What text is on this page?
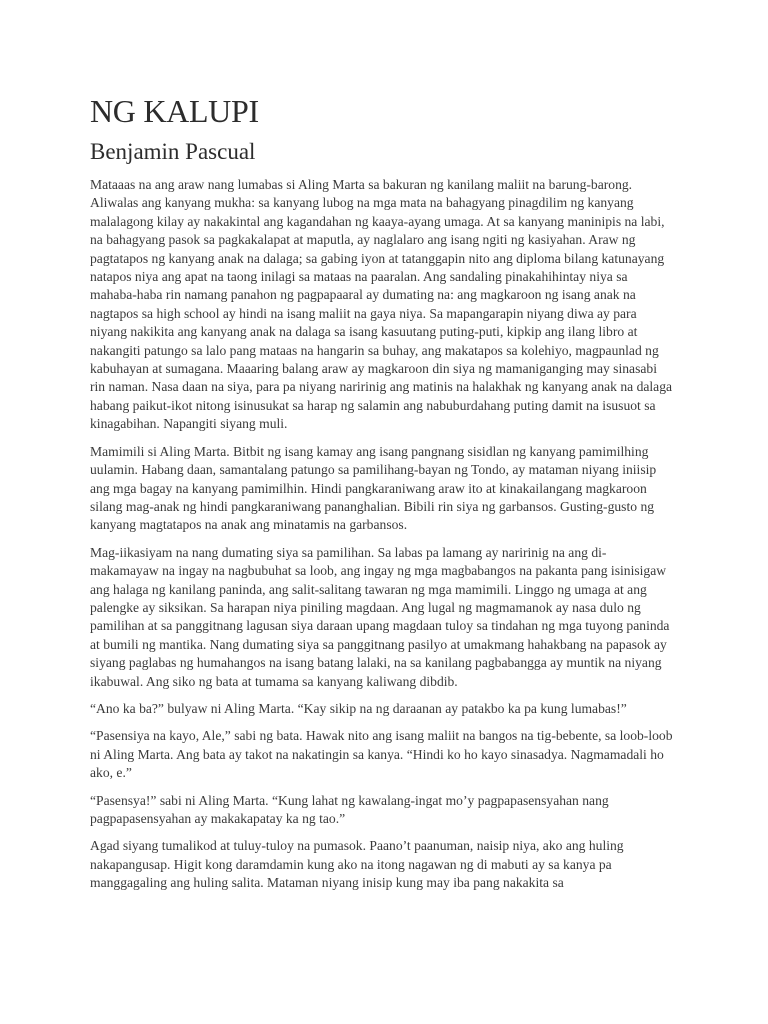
NG KALUPI
Benjamin Pascual

Mataaas na ang araw nang lumabas si Aling Marta sa bakuran ng kanilang maliit na barung-barong. Aliwalas ang kanyang mukha: sa kanyang lubog na mga mata na bahagyang pinagdilim ng kanyang malalagong kilay ay nakakintal ang kagandahan ng kaaya-ayang umaga. At sa kanyang maninipis na labi, na bahagyang pasok sa pagkakalapat at maputla, ay naglalaro ang isang ngiti ng kasiyahan. Araw ng pagtatapos ng kanyang anak na dalaga; sa gabing iyon at tatanggapin nito ang diploma bilang katunayang natapos niya ang apat na taong inilagi sa mataas na paaralan. Ang sandaling pinakahihintay niya sa mahaba-haba rin namang panahon ng pagpapaaral ay dumating na: ang magkaroon ng isang anak na nagtapos sa high school ay hindi na isang maliit na gaya niya. Sa mapangarapin niyang diwa ay para niyang nakikita ang kanyang anak na dalaga sa isang kasuutang puting-puti, kipkip ang ilang libro at nakangiti patungo sa lalo pang mataas na hangarin sa buhay, ang makatapos sa kolehiyo, magpaunlad ng kabuhayan at sumagana. Maaaring balang araw ay magkaroon din siya ng mamaniganging may sinasabi rin naman. Nasa daan na siya, para pa niyang naririnig ang matinis na halakhak ng kanyang anak na dalaga habang paikut-ikot nitong isinusukat sa harap ng salamin ang nabuburdahang puting damit na isusuot sa kinagabihan. Napangiti siyang muli.

Mamimili si Aling Marta. Bitbit ng isang kamay ang isang pangnang sisidlan ng kanyang pamimilhing uulamin. Habang daan, samantalang patungo sa pamilihang-bayan ng Tondo, ay mataman niyang iniisip ang mga bagay na kanyang pamimilhin. Hindi pangkaraniwang araw ito at kinakailangang magkaroon silang mag-anak ng hindi pangkaraniwang pananghalian. Bibili rin siya ng garbansos. Gusting-gusto ng kanyang magtatapos na anak ang minatamis na garbansos.

Mag-iikasiyam na nang dumating siya sa pamilihan. Sa labas pa lamang ay naririnig na ang di-makamayaw na ingay na nagbubuhat sa loob, ang ingay ng mga magbabangos na pakanta pang isinisigaw ang halaga ng kanilang paninda, ang salit-salitang tawaran ng mga mamimili. Linggo ng umaga at ang palengke ay siksikan. Sa harapan niya piniling magdaan. Ang lugal ng magmamanok ay nasa dulo ng pamilihan at sa panggitnang lagusan siya daraan upang magdaan tuloy sa tindahan ng mga tuyong paninda at bumili ng mantika. Nang dumating siya sa panggitnang pasilyo at umakmang hahakbang na papasok ay siyang paglabas ng humahangos na isang batang lalaki, na sa kanilang pagbabangga ay muntik na niyang ikabuwal. Ang siko ng bata at tumama sa kanyang kaliwang dibdib.

“Ano ka ba?” bulyaw ni Aling Marta. “Kay sikip na ng daraanan ay patakbo ka pa kung lumabas!”

“Pasensiya na kayo, Ale,” sabi ng bata. Hawak nito ang isang maliit na bangos na tig-bebente, sa loob-loob ni Aling Marta. Ang bata ay takot na nakatingin sa kanya. “Hindi ko ho kayo sinasadya. Nagmamadali ho ako, e.”

“Pasensya!” sabi ni Aling Marta. “Kung lahat ng kawalang-ingat mo’y pagpapasensyahan nang pagpapasensyahan ay makakapatay ka ng tao.”

Agad siyang tumalikod at tuluy-tuloy na pumasok. Paano’t paanuman, naisip niya, ako ang huling nakapangusap. Higit kong daramdamin kung ako na itong nagawan ng di mabuti ay sa kanya pa manggagaling ang huling salita. Mataman niyang inisip kung may iba pang nakakita sa
